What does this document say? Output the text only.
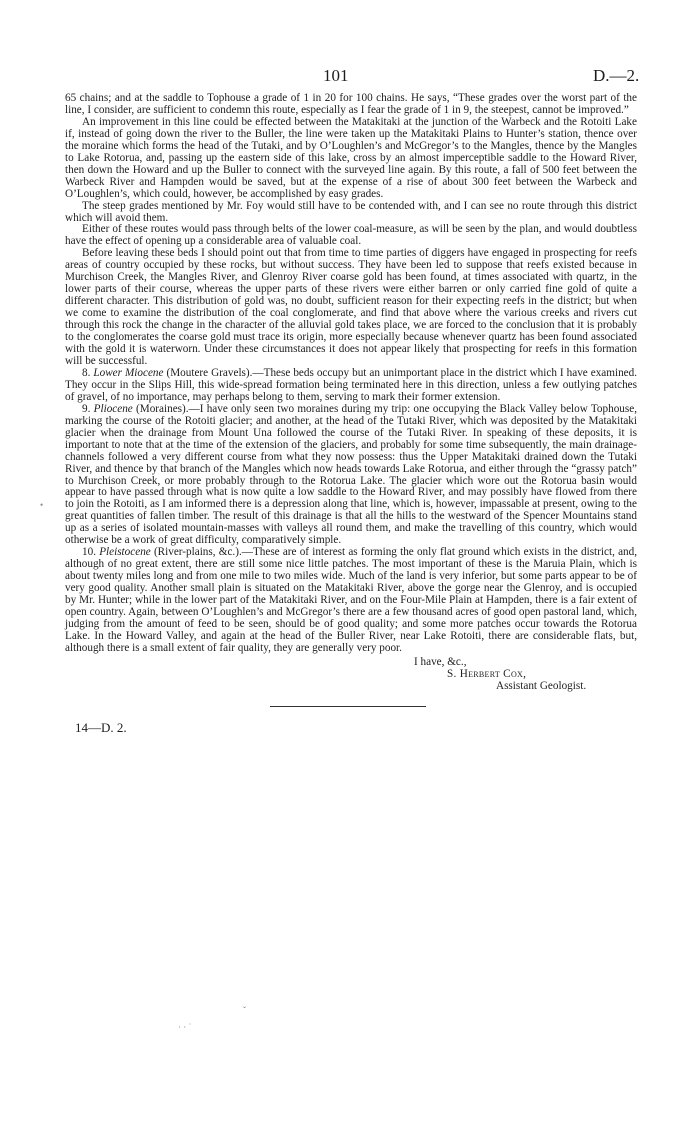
101	D.—2.

65 chains; and at the saddle to Tophouse a grade of 1 in 20 for 100 chains. He says, “These grades over the worst part of the line, I consider, are sufficient to condemn this route, especially as I fear the grade of 1 in 9, the steepest, cannot be improved.”

An improvement in this line could be effected between the Matakitaki at the junction of the Warbeck and the Rotoiti Lake if, instead of going down the river to the Buller, the line were taken up the Matakitaki Plains to Hunter’s station, thence over the moraine which forms the head of the Tutaki, and by O’Loughlen’s and McGregor’s to the Mangles, thence by the Mangles to Lake Rotorua, and, passing up the eastern side of this lake, cross by an almost imperceptible saddle to the Howard River, then down the Howard and up the Buller to connect with the surveyed line again. By this route, a fall of 500 feet between the Warbeck River and Hampden would be saved, but at the expense of a rise of about 300 feet between the Warbeck and O’Loughlen’s, which could, however, be accomplished by easy grades.

The steep grades mentioned by Mr. Foy would still have to be contended with, and I can see no route through this district which will avoid them.

Either of these routes would pass through belts of the lower coal-measure, as will be seen by the plan, and would doubtless have the effect of opening up a considerable area of valuable coal.

Before leaving these beds I should point out that from time to time parties of diggers have engaged in prospecting for reefs areas of country occupied by these rocks, but without success. They have been led to suppose that reefs existed because in Murchison Creek, the Mangles River, and Glenroy River coarse gold has been found, at times associated with quartz, in the lower parts of their course, whereas the upper parts of these rivers were either barren or only carried fine gold of quite a different character. This distribution of gold was, no doubt, sufficient reason for their expecting reefs in the district; but when we come to examine the distribution of the coal conglomerate, and find that above where the various creeks and rivers cut through this rock the change in the character of the alluvial gold takes place, we are forced to the conclusion that it is probably to the conglomerates the coarse gold must trace its origin, more especially because whenever quartz has been found associated with the gold it is waterworn. Under these circumstances it does not appear likely that prospecting for reefs in this formation will be successful.

8. Lower Miocene (Moutere Gravels).—These beds occupy but an unimportant place in the district which I have examined. They occur in the Slips Hill, this wide-spread formation being terminated here in this direction, unless a few outlying patches of gravel, of no importance, may perhaps belong to them, serving to mark their former extension.

9. Pliocene (Moraines).—I have only seen two moraines during my trip: one occupying the Black Valley below Tophouse, marking the course of the Rotoiti glacier; and another, at the head of the Tutaki River, which was deposited by the Matakitaki glacier when the drainage from Mount Una followed the course of the Tutaki River. In speaking of these deposits, it is important to note that at the time of the extension of the glaciers, and probably for some time subsequently, the main drainage-channels followed a very different course from what they now possess: thus the Upper Matakitaki drained down the Tutaki River, and thence by that branch of the Mangles which now heads towards Lake Rotorua, and either through the “grassy patch” to Murchison Creek, or more probably through to the Rotorua Lake. The glacier which wore out the Rotorua basin would appear to have passed through what is now quite a low saddle to the Howard River, and may possibly have flowed from there to join the Rotoiti, as I am informed there is a depression along that line, which is, however, impassable at present, owing to the great quantities of fallen timber. The result of this drainage is that all the hills to the westward of the Spencer Mountains stand up as a series of isolated mountain-masses with valleys all round them, and make the travelling of this country, which would otherwise be a work of great difficulty, comparatively simple.

10. Pleistocene (River-plains, &c.).—These are of interest as forming the only flat ground which exists in the district, and, although of no great extent, there are still some nice little patches. The most important of these is the Maruia Plain, which is about twenty miles long and from one mile to two miles wide. Much of the land is very inferior, but some parts appear to be of very good quality. Another small plain is situated on the Matakitaki River, above the gorge near the Glenroy, and is occupied by Mr. Hunter; while in the lower part of the Matakitaki River, and on the Four-Mile Plain at Hampden, there is a fair extent of open country. Again, between O’Loughlen’s and McGregor’s there are a few thousand acres of good open pastoral land, which, judging from the amount of feed to be seen, should be of good quality; and some more patches occur towards the Rotorua Lake. In the Howard Valley, and again at the head of the Buller River, near Lake Rotoiti, there are considerable flats, but, although there is a small extent of fair quality, they are generally very poor.

I have, &c.,
S. Herbert Cox,
Assistant Geologist.
14—D. 2.
•
ˇ
· · ˙
